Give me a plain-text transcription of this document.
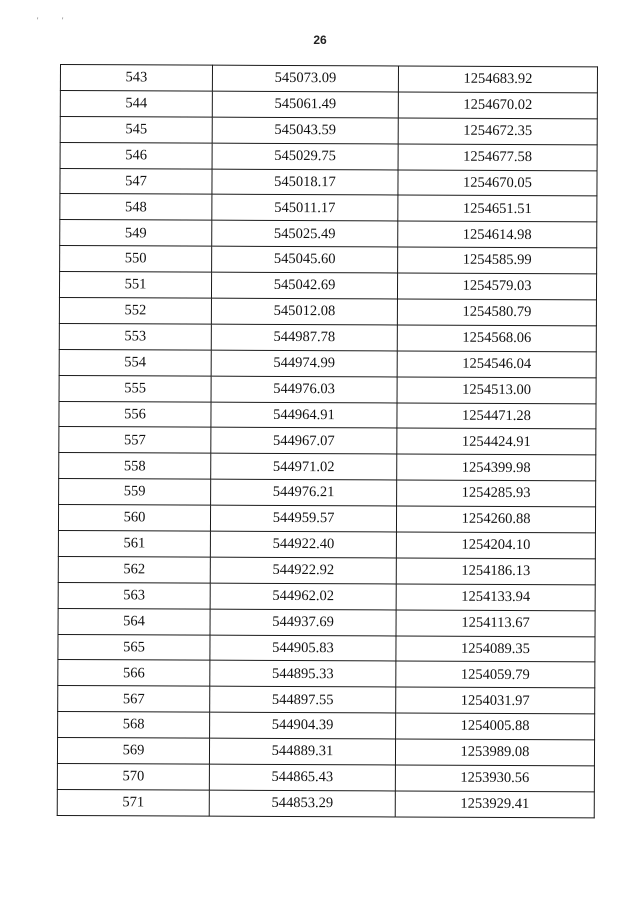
'	'
26
543	545073.09	1254683.92
544	545061.49	1254670.02
545	545043.59	1254672.35
546	545029.75	1254677.58
547	545018.17	1254670.05
548	545011.17	1254651.51
549	545025.49	1254614.98
550	545045.60	1254585.99
551	545042.69	1254579.03
552	545012.08	1254580.79
553	544987.78	1254568.06
554	544974.99	1254546.04
555	544976.03	1254513.00
556	544964.91	1254471.28
557	544967.07	1254424.91
558	544971.02	1254399.98
559	544976.21	1254285.93
560	544959.57	1254260.88
561	544922.40	1254204.10
562	544922.92	1254186.13
563	544962.02	1254133.94
564	544937.69	1254113.67
565	544905.83	1254089.35
566	544895.33	1254059.79
567	544897.55	1254031.97
568	544904.39	1254005.88
569	544889.31	1253989.08
570	544865.43	1253930.56
571	544853.29	1253929.41
